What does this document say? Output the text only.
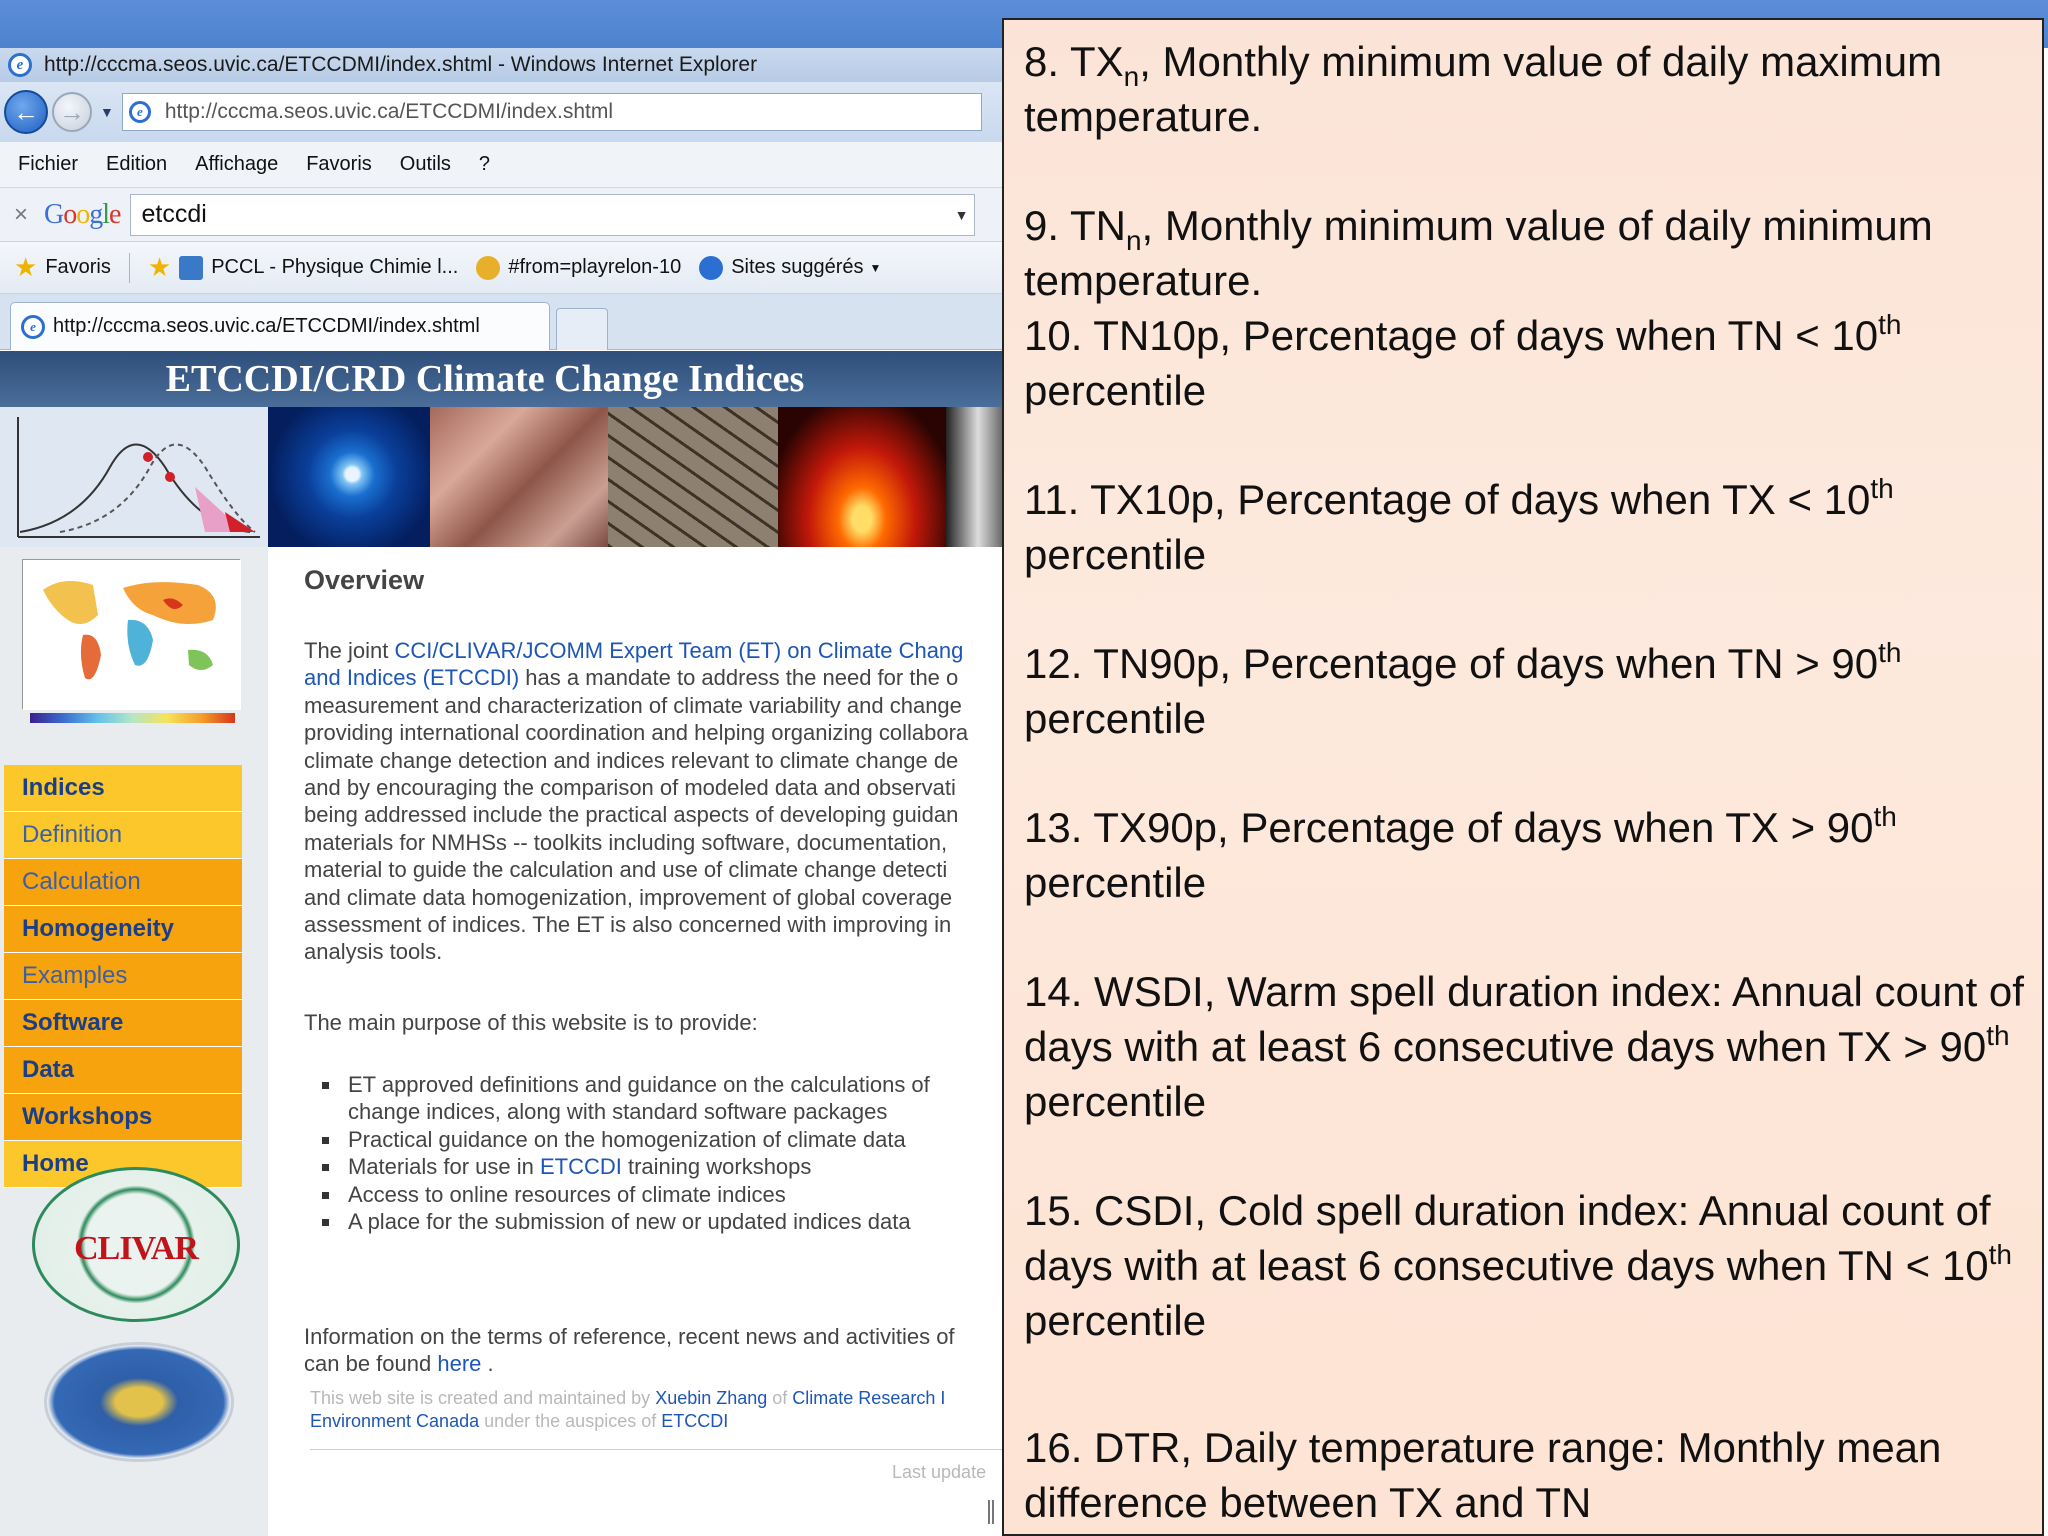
e http://cccma.seos.uvic.ca/ETCCDMI/index.shtml - Windows Internet Explorer
← →	▼	e	http://cccma.seos.uvic.ca/ETCCDMI/index.shtml
Fichier Edition Affichage Favoris Outils ?
× Google etccdi	▼
★ Favoris ★ PCCL - Physique Chimie l...	#from=playrelon-10	Sites suggérés ▼
e http://cccma.seos.uvic.ca/ETCCDMI/index.shtml
ETCCDI/CRD Climate Change Indices
Indices
Definition
Calculation
Homogeneity
Examples
Software
Data
Workshops
Home
CLIVAR
Overview
The joint CCI/CLIVAR/JCOMM Expert Team (ET) on Climate Chang
and Indices (ETCCDI) has a mandate to address the need for the o
measurement and characterization of climate variability and change
providing international coordination and helping organizing collabora
climate change detection and indices relevant to climate change de
and by encouraging the comparison of modeled data and observati
being addressed include the practical aspects of developing guidan
materials for NMHSs -- toolkits including software, documentation,
material to guide the calculation and use of climate change detecti
and climate data homogenization, improvement of global coverage
assessment of indices. The ET is also concerned with improving in
analysis tools.
The main purpose of this website is to provide:
ET approved definitions and guidance on the calculations of
change indices, along with standard software packages
Practical guidance on the homogenization of climate data
Materials for use in ETCCDI training workshops
Access to online resources of climate indices
A place for the submission of new or updated indices data
Information on the terms of reference, recent news and activities of
can be found here .
This web site is created and maintained by Xuebin Zhang of Climate Research I
Environment Canada under the auspices of ETCCDI
Last update
8. $TX_n$, Monthly minimum value of daily maximum temperature.
9. $TN_n$, Monthly minimum value of daily minimum temperature.
10. TN10p, Percentage of days when TN < 10th percentile
11. TX10p, Percentage of days when TX < 10th percentile
12. TN90p, Percentage of days when TN > 90th percentile
13. TX90p, Percentage of days when TX > 90th percentile
14. WSDI, Warm spell duration index: Annual count of days with at least 6 consecutive days when TX > 90th percentile
15. CSDI, Cold spell duration index: Annual count of days with at least 6 consecutive days when TN < 10th percentile
16. DTR, Daily temperature range: Monthly mean difference between TX and TN
